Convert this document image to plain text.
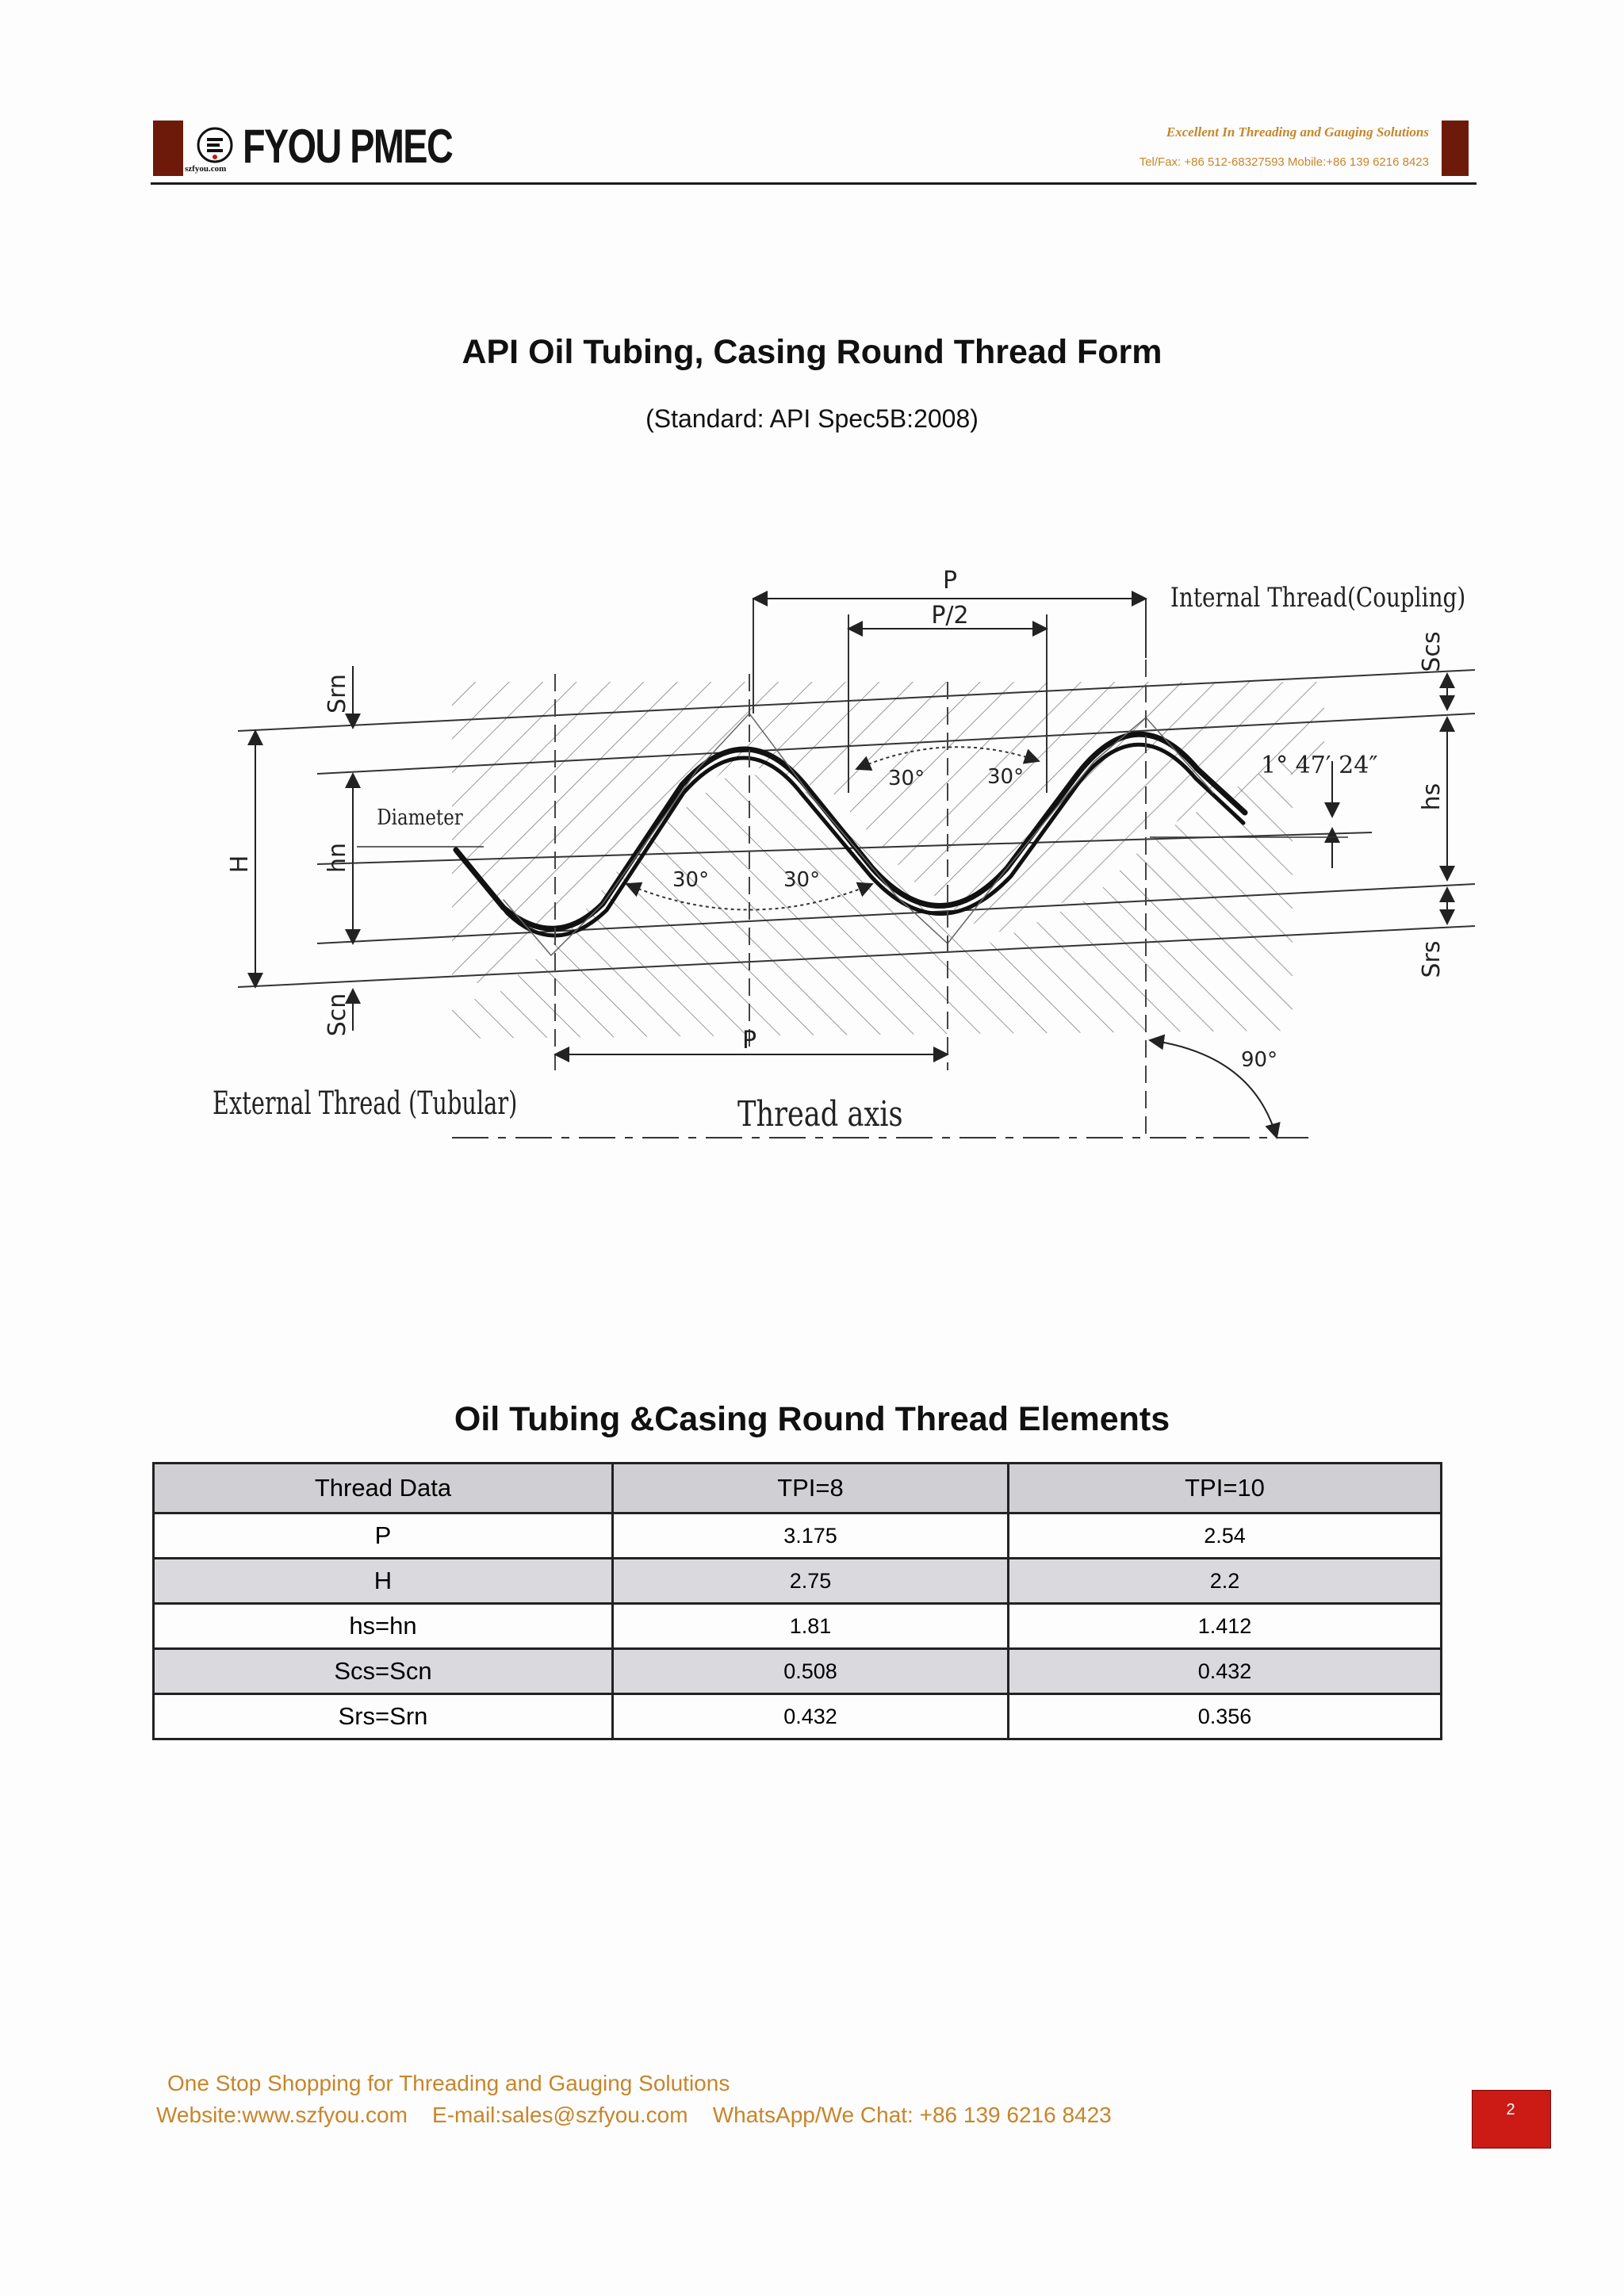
FYOU PMEC
szfyou.com
Excellent In Threading and Gauging Solutions
Tel/Fax: +86 512-68327593 Mobile:+86 139 6216 8423
API Oil Tubing, Casing Round Thread Form
(Standard: API Spec5B:2008)
P
P/2
Internal Thread(Coupling)
30°	30°
30°	30°
1° 47′ 24″
Diameter
H
Srn
hn
Scn
Scs
hs
Srs
P
90°
Thread axis
External Thread (Tubular)
Oil Tubing &Casing Round Thread Elements
Thread Data	TPI=8	TPI=10
P	3.175	2.54
H	2.75	2.2
hs=hn	1.81	1.412
Scs=Scn	0.508	0.432
Srs=Srn	0.432	0.356
One Stop Shopping for Threading and Gauging Solutions
Website:www.szfyou.com E-mail:sales@szfyou.com WhatsApp/We Chat: +86 139 6216 8423	2
